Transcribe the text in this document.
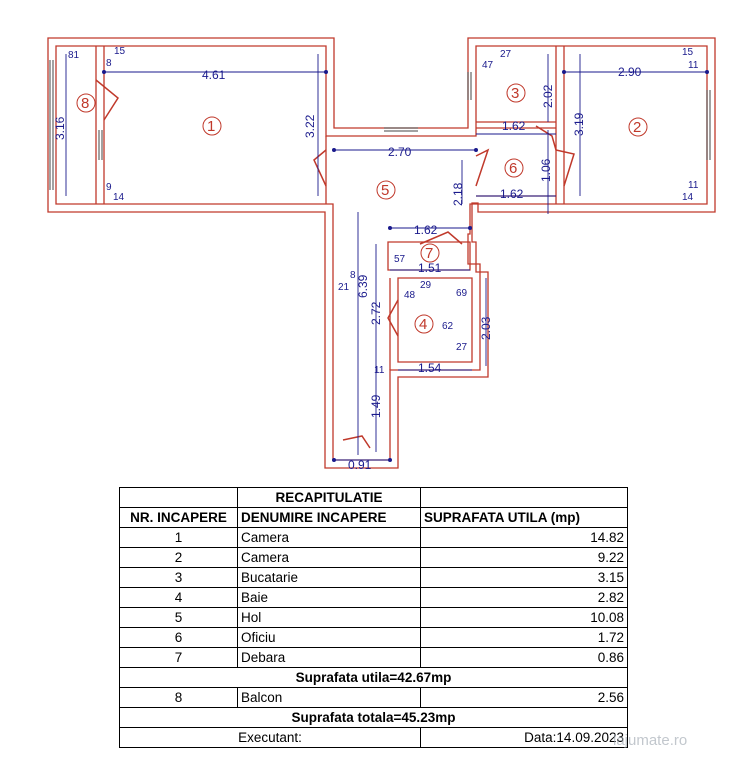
4.61
3.22
3.16
2.70
2.90
3.19
2.02
1.62
1.06
1.62
2.18
1.62
1.51
6.39
2.72
2.03
1.54
1.49
0.91
81	15
8
9
14
27
47
15
11
11
14
57
8
21	29
48	69
62
27
11
1	2
3
4
5
6
7
8
	RECAPITULATIE	
NR. INCAPERE	DENUMIRE INCAPERE	SUPRAFATA UTILA (mp)
1	Camera	14.82
2	Camera	9.22
3	Bucatarie	3.15
4	Baie	2.82
5	Hol	10.08
6	Oficiu	1.72
7	Debara	0.86
Suprafata utila=42.67mp		
8	Balcon	2.56
Suprafata totala=45.23mp		
Executant:		Data:14.09.2023
lajumate.ro
